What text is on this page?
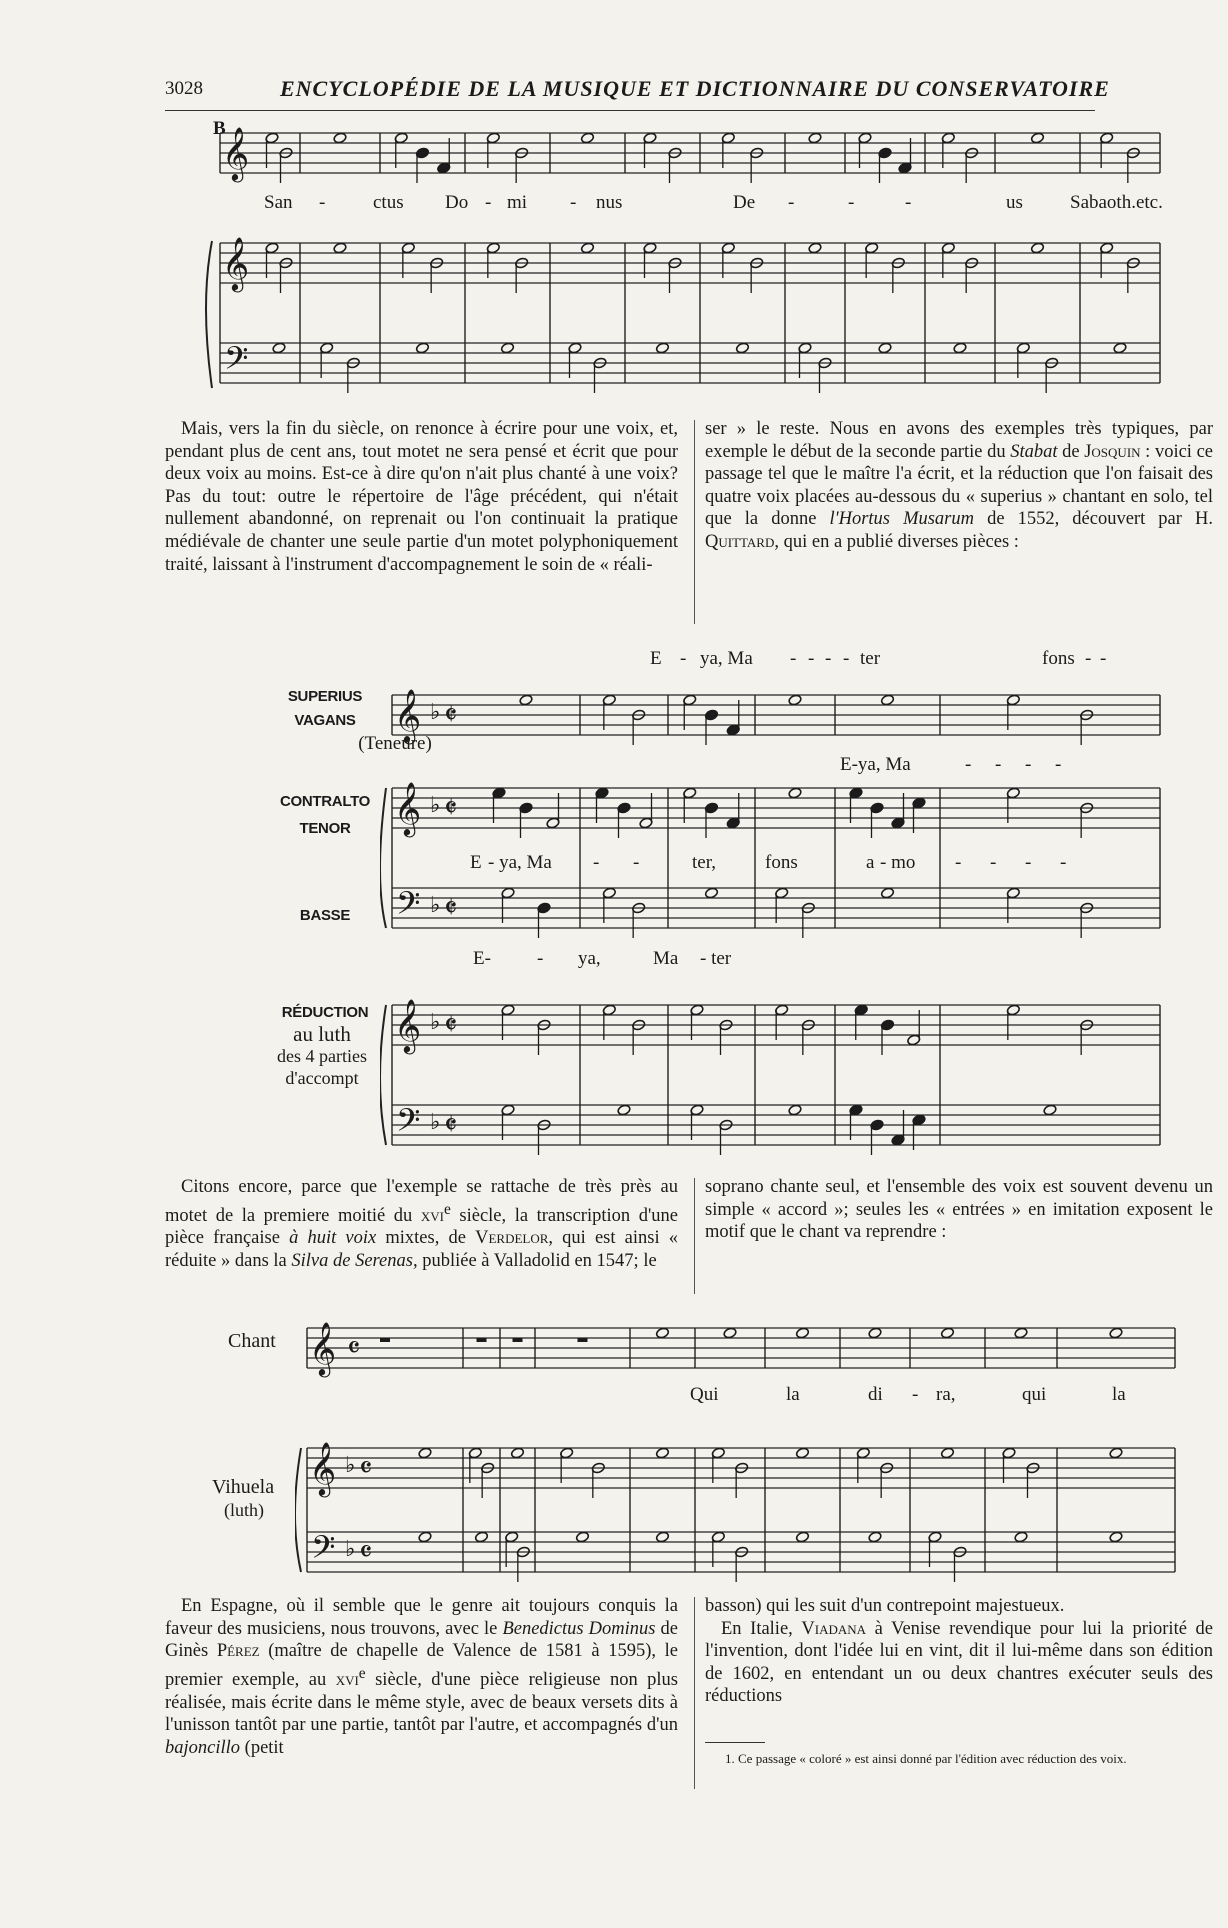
3028	ENCYCLOPÉDIE DE LA MUSIQUE ET DICTIONNAIRE DU CONSERVATOIRE
B
𝄞
𝄞
𝄢
San -	ctus Do - mi - nus	De -	-	-	us Sabaoth.etc.

Mais, vers la fin du siècle, on renonce à écrire pour une voix, et, pendant plus de cent ans, tout motet ne sera pensé et écrit que pour deux voix au moins. Est-ce à dire qu'on n'ait plus chanté à une voix? Pas du tout: outre le répertoire de l'âge précédent, qui n'était nullement abandonné, on reprenait ou l'on continuait la pratique médiévale de chanter une seule partie d'un motet polyphoniquement traité, laissant à l'instrument d'accompagnement le soin de « réali-

ser » le reste. Nous en avons des exemples très typiques, par exemple le début de la seconde partie du Stabat de Josquin : voici ce passage tel que le maître l'a écrit, et la réduction que l'on faisait des quatre voix placées au-dessous du « superius » chantant en solo, tel que la donne l'Hortus Musarum de 1552, découvert par H. Quittard, qui en a publié diverses pièces :

SUPERIUS
VAGANS
(Teneure)
CONTRALTO
TENOR
BASSE
RÉDUCTION
au luth
des 4 parties
d'accompt
𝄞
𝄞
𝄢
𝄞
𝄢
♭ 𝄵
♭ 𝄵
♭ 𝄵
♭ 𝄵
♭ 𝄵
E - ya, Ma - - - - ter	fons - -
E-ya, Ma	- - - -
E - ya, Ma - -	ter,	fons	a - mo - - - -
E- - ya,	Ma - ter

Citons encore, parce que l'exemple se rattache de très près au motet de la premiere moitié du xvi$^e$ siècle, la transcription d'une pièce française à huit voix mixtes, de Verdelor, qui est ainsi « réduite » dans la Silva de Serenas, publiée à Valladolid en 1547; le

soprano chante seul, et l'ensemble des voix est souvent devenu un simple « accord »; seules les « entrées » en imitation exposent le motif que le chant va reprendre :

Chant
Vihuela
(luth)
𝄞
𝄞
𝄢
𝄴
♭ 𝄴
♭ 𝄴
Qui	la	di - ra,	qui	la

En Espagne, où il semble que le genre ait toujours conquis la faveur des musiciens, nous trouvons, avec le Benedictus Dominus de Ginès Pérez (maître de chapelle de Valence de 1581 à 1595), le premier exemple, au xvi$^e$ siècle, d'une pièce religieuse non plus réalisée, mais écrite dans le même style, avec de beaux versets dits à l'unisson tantôt par une partie, tantôt par l'autre, et accompagnés d'un bajoncillo (petit

basson) qui les suit d'un contrepoint majestueux.

En Italie, Viadana à Venise revendique pour lui la priorité de l'invention, dont l'idée lui en vint, dit il lui-même dans son édition de 1602, en entendant un ou deux chantres exécuter seuls des réductions

1. Ce passage « coloré » est ainsi donné par l'édition avec réduction des voix.
